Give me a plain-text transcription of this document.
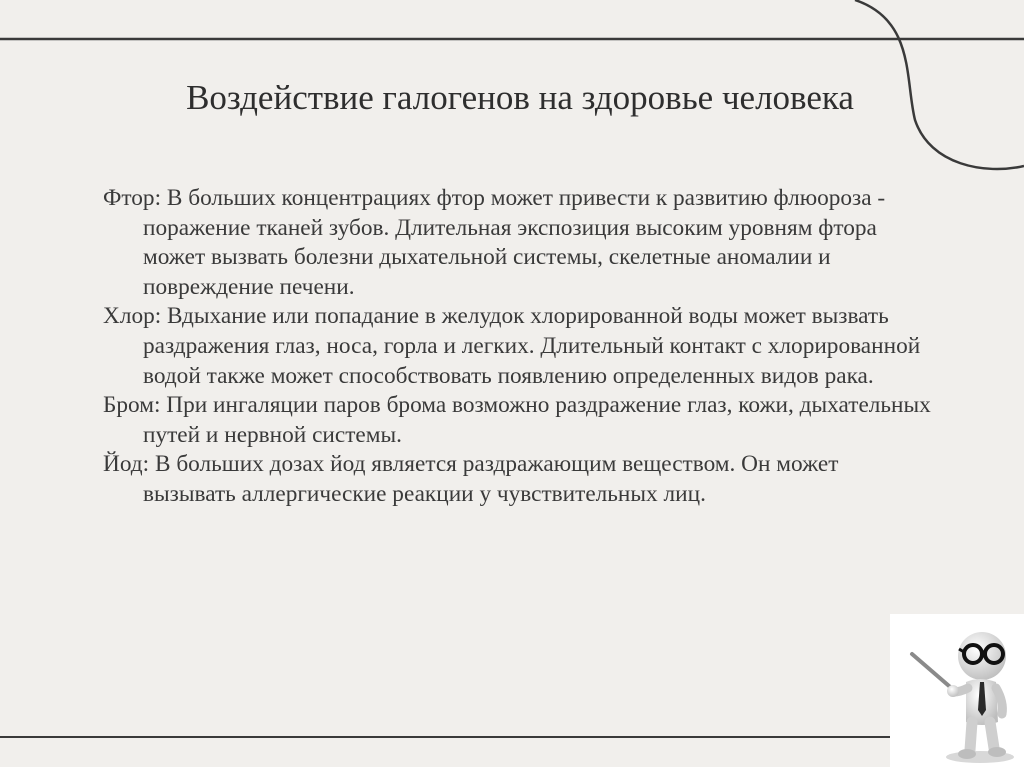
Воздействие галогенов на здоровье человека

Фтор: В больших концентрациях фтор может привести к развитию флюороза - поражение тканей зубов. Длительная экспозиция высоким уровням фтора может вызвать болезни дыхательной системы, скелетные аномалии и повреждение печени.

Хлор: Вдыхание или попадание в желудок хлорированной воды может вызвать раздражения глаз, носа, горла и легких. Длительный контакт с хлорированной водой также может способствовать появлению определенных видов рака.

Бром: При ингаляции паров брома возможно раздражение глаз, кожи, дыхательных путей и нервной системы.

Йод: В больших дозах йод является раздражающим веществом. Он может вызывать аллергические реакции у чувствительных лиц.
